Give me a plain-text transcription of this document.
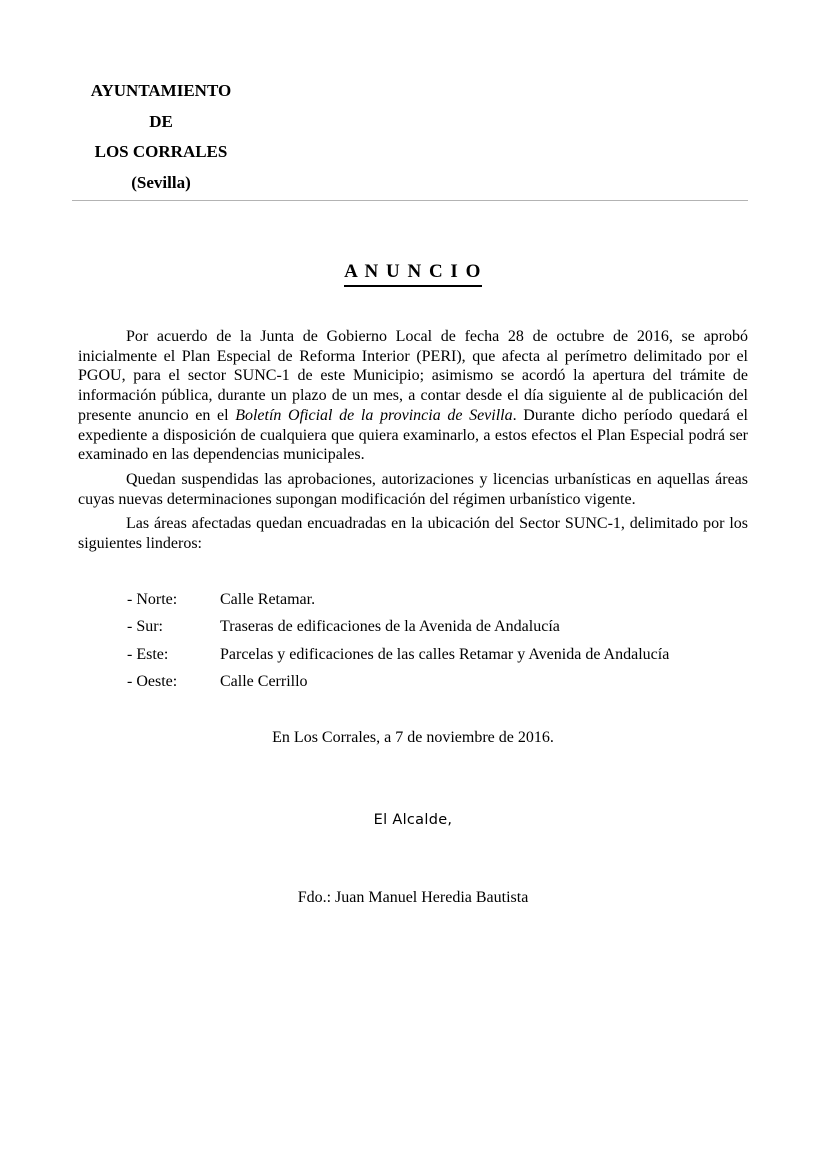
AYUNTAMIENTO
DE
LOS CORRALES
(Sevilla)
A N U N C I O

Por acuerdo de la Junta de Gobierno Local de fecha 28 de octubre de 2016, se aprobó inicialmente el Plan Especial de Reforma Interior (PERI), que afecta al perímetro delimitado por el PGOU, para el sector SUNC-1 de este Municipio; asimismo se acordó la apertura del trámite de información pública, durante un plazo de un mes, a contar desde el día siguiente al de publicación del presente anuncio en el Boletín Oficial de la provincia de Sevilla. Durante dicho período quedará el expediente a disposición de cualquiera que quiera examinarlo, a estos efectos el Plan Especial podrá ser examinado en las dependencias municipales.

Quedan suspendidas las aprobaciones, autorizaciones y licencias urbanísticas en aquellas áreas cuyas nuevas determinaciones supongan modificación del régimen urbanístico vigente.

Las áreas afectadas quedan encuadradas en la ubicación del Sector SUNC-1, delimitado por los siguientes linderos:

- Norte:	Calle Retamar.
- Sur:	Traseras de edificaciones de la Avenida de Andalucía
- Este:	Parcelas y edificaciones de las calles Retamar y Avenida de Andalucía
- Oeste:	Calle Cerrillo

En Los Corrales, a 7 de noviembre de 2016.

El Alcalde,

Fdo.: Juan Manuel Heredia Bautista
